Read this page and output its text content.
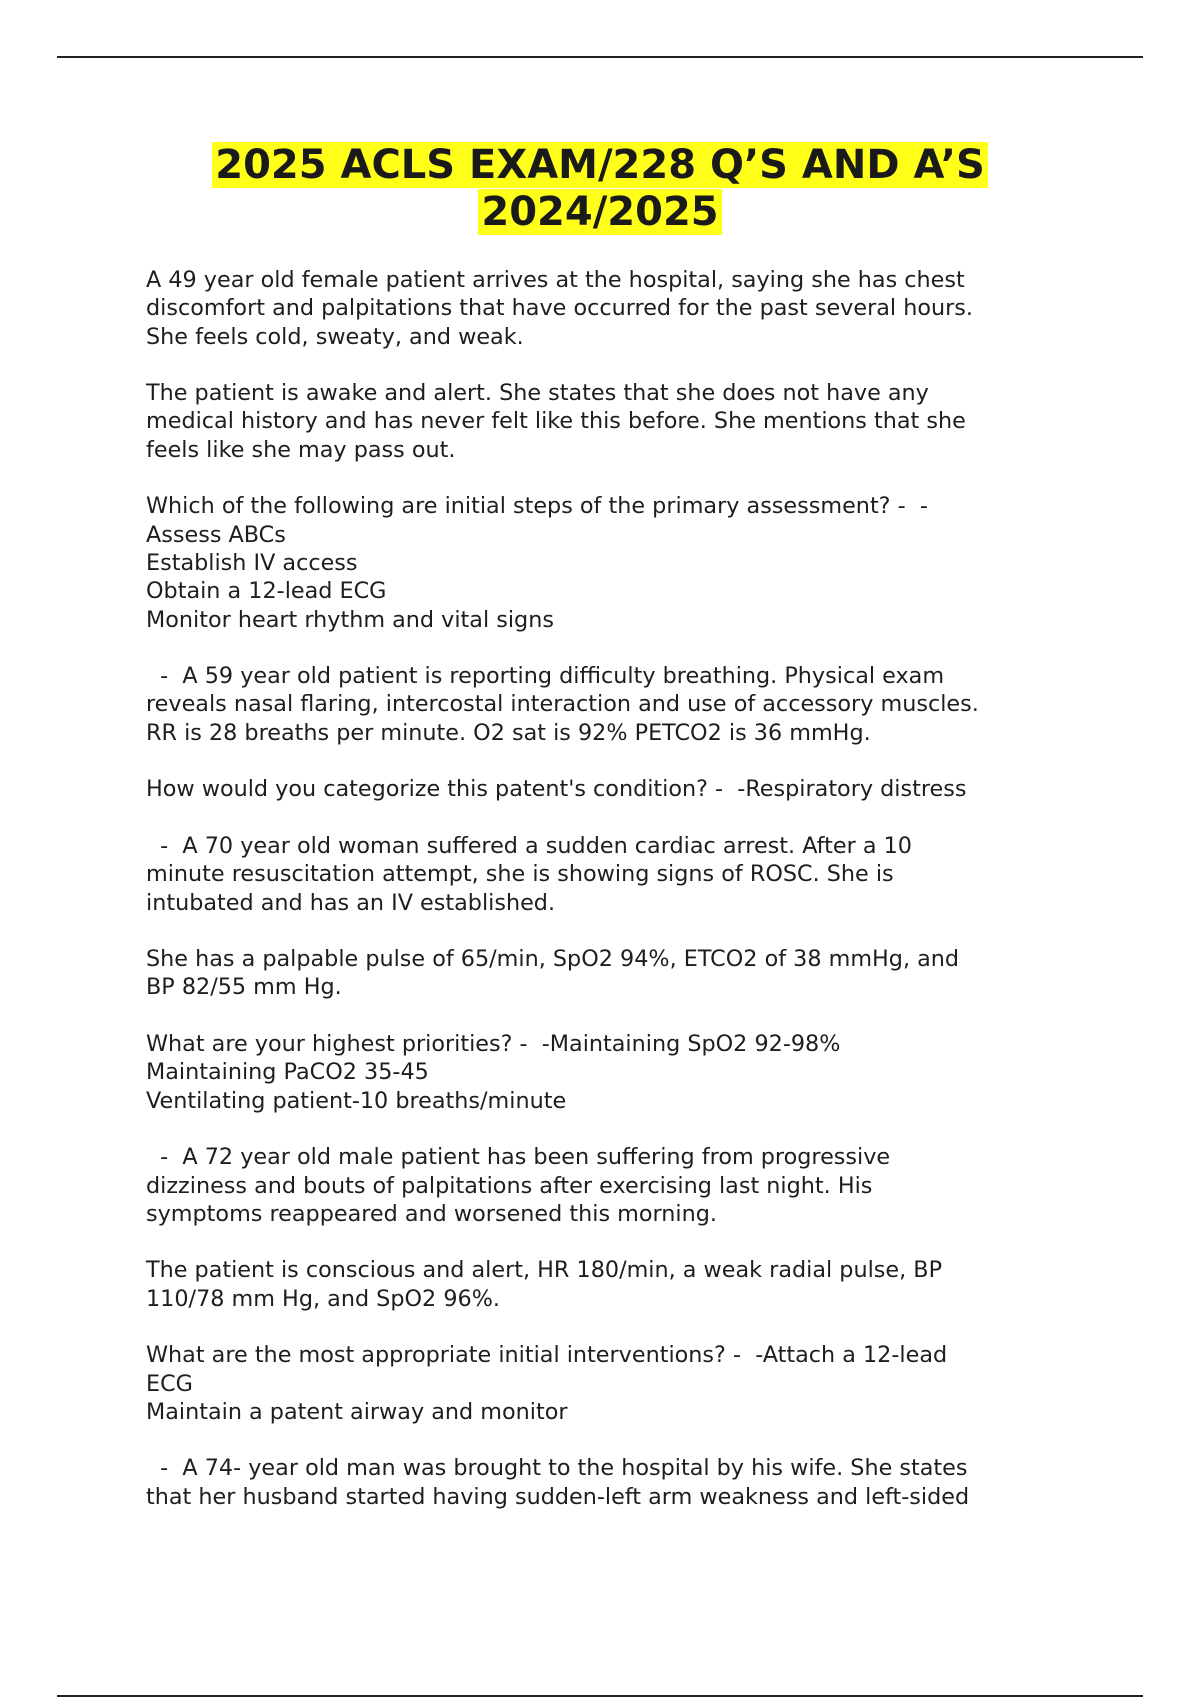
2025 ACLS EXAM/228 Q’S AND A’S
2024/2025

A 49 year old female patient arrives at the hospital, saying she has chest
discomfort and palpitations that have occurred for the past several hours.
She feels cold, sweaty, and weak.

The patient is awake and alert. She states that she does not have any
medical history and has never felt like this before. She mentions that she
feels like she may pass out.

Which of the following are initial steps of the primary assessment? -  -
Assess ABCs
Establish IV access
Obtain a 12-lead ECG
Monitor heart rhythm and vital signs

-  A 59 year old patient is reporting difficulty breathing. Physical exam
reveals nasal flaring, intercostal interaction and use of accessory muscles.
RR is 28 breaths per minute. O2 sat is 92% PETCO2 is 36 mmHg.

How would you categorize this patent's condition? -  -Respiratory distress

-  A 70 year old woman suffered a sudden cardiac arrest. After a 10
minute resuscitation attempt, she is showing signs of ROSC. She is
intubated and has an IV established.

She has a palpable pulse of 65/min, SpO2 94%, ETCO2 of 38 mmHg, and
BP 82/55 mm Hg.

What are your highest priorities? -  -Maintaining SpO2 92-98%
Maintaining PaCO2 35-45
Ventilating patient-10 breaths/minute

-  A 72 year old male patient has been suffering from progressive
dizziness and bouts of palpitations after exercising last night. His
symptoms reappeared and worsened this morning.

The patient is conscious and alert, HR 180/min, a weak radial pulse, BP
110/78 mm Hg, and SpO2 96%.

What are the most appropriate initial interventions? -  -Attach a 12-lead
ECG
Maintain a patent airway and monitor

-  A 74- year old man was brought to the hospital by his wife. She states
that her husband started having sudden-left arm weakness and left-sided
